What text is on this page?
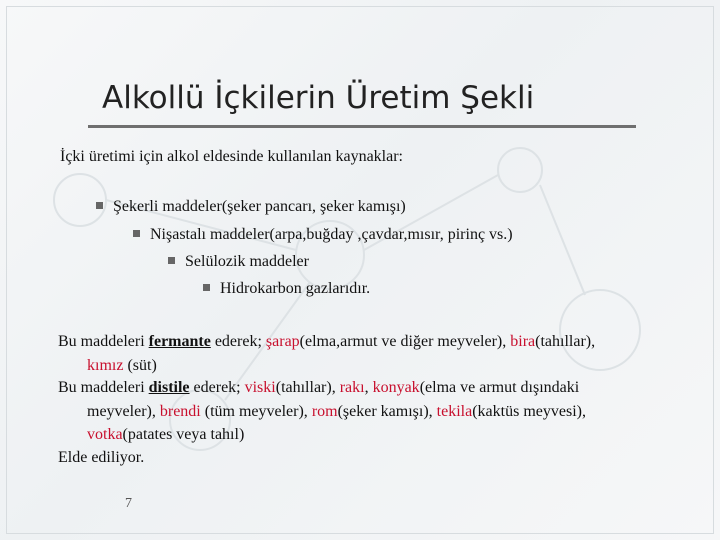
Alkollü İçkilerin Üretim Şekli
İçki üretimi için alkol eldesinde kullanılan kaynaklar:
Şekerli maddeler(şeker pancarı, şeker kamışı)
Nişastalı maddeler(arpa,buğday ,çavdar,mısır, pirinç vs.)
Selülozik maddeler
Hidrokarbon gazlarıdır.
Bu maddeleri fermante ederek; şarap(elma,armut ve diğer meyveler), bira(tahıllar),
kımız (süt)
Bu maddeleri distile ederek; viski(tahıllar), rakı, konyak(elma ve armut dışındaki
meyveler), brendi (tüm meyveler), rom(şeker kamışı), tekila(kaktüs meyvesi),
votka(patates veya tahıl)
Elde ediliyor.
7
